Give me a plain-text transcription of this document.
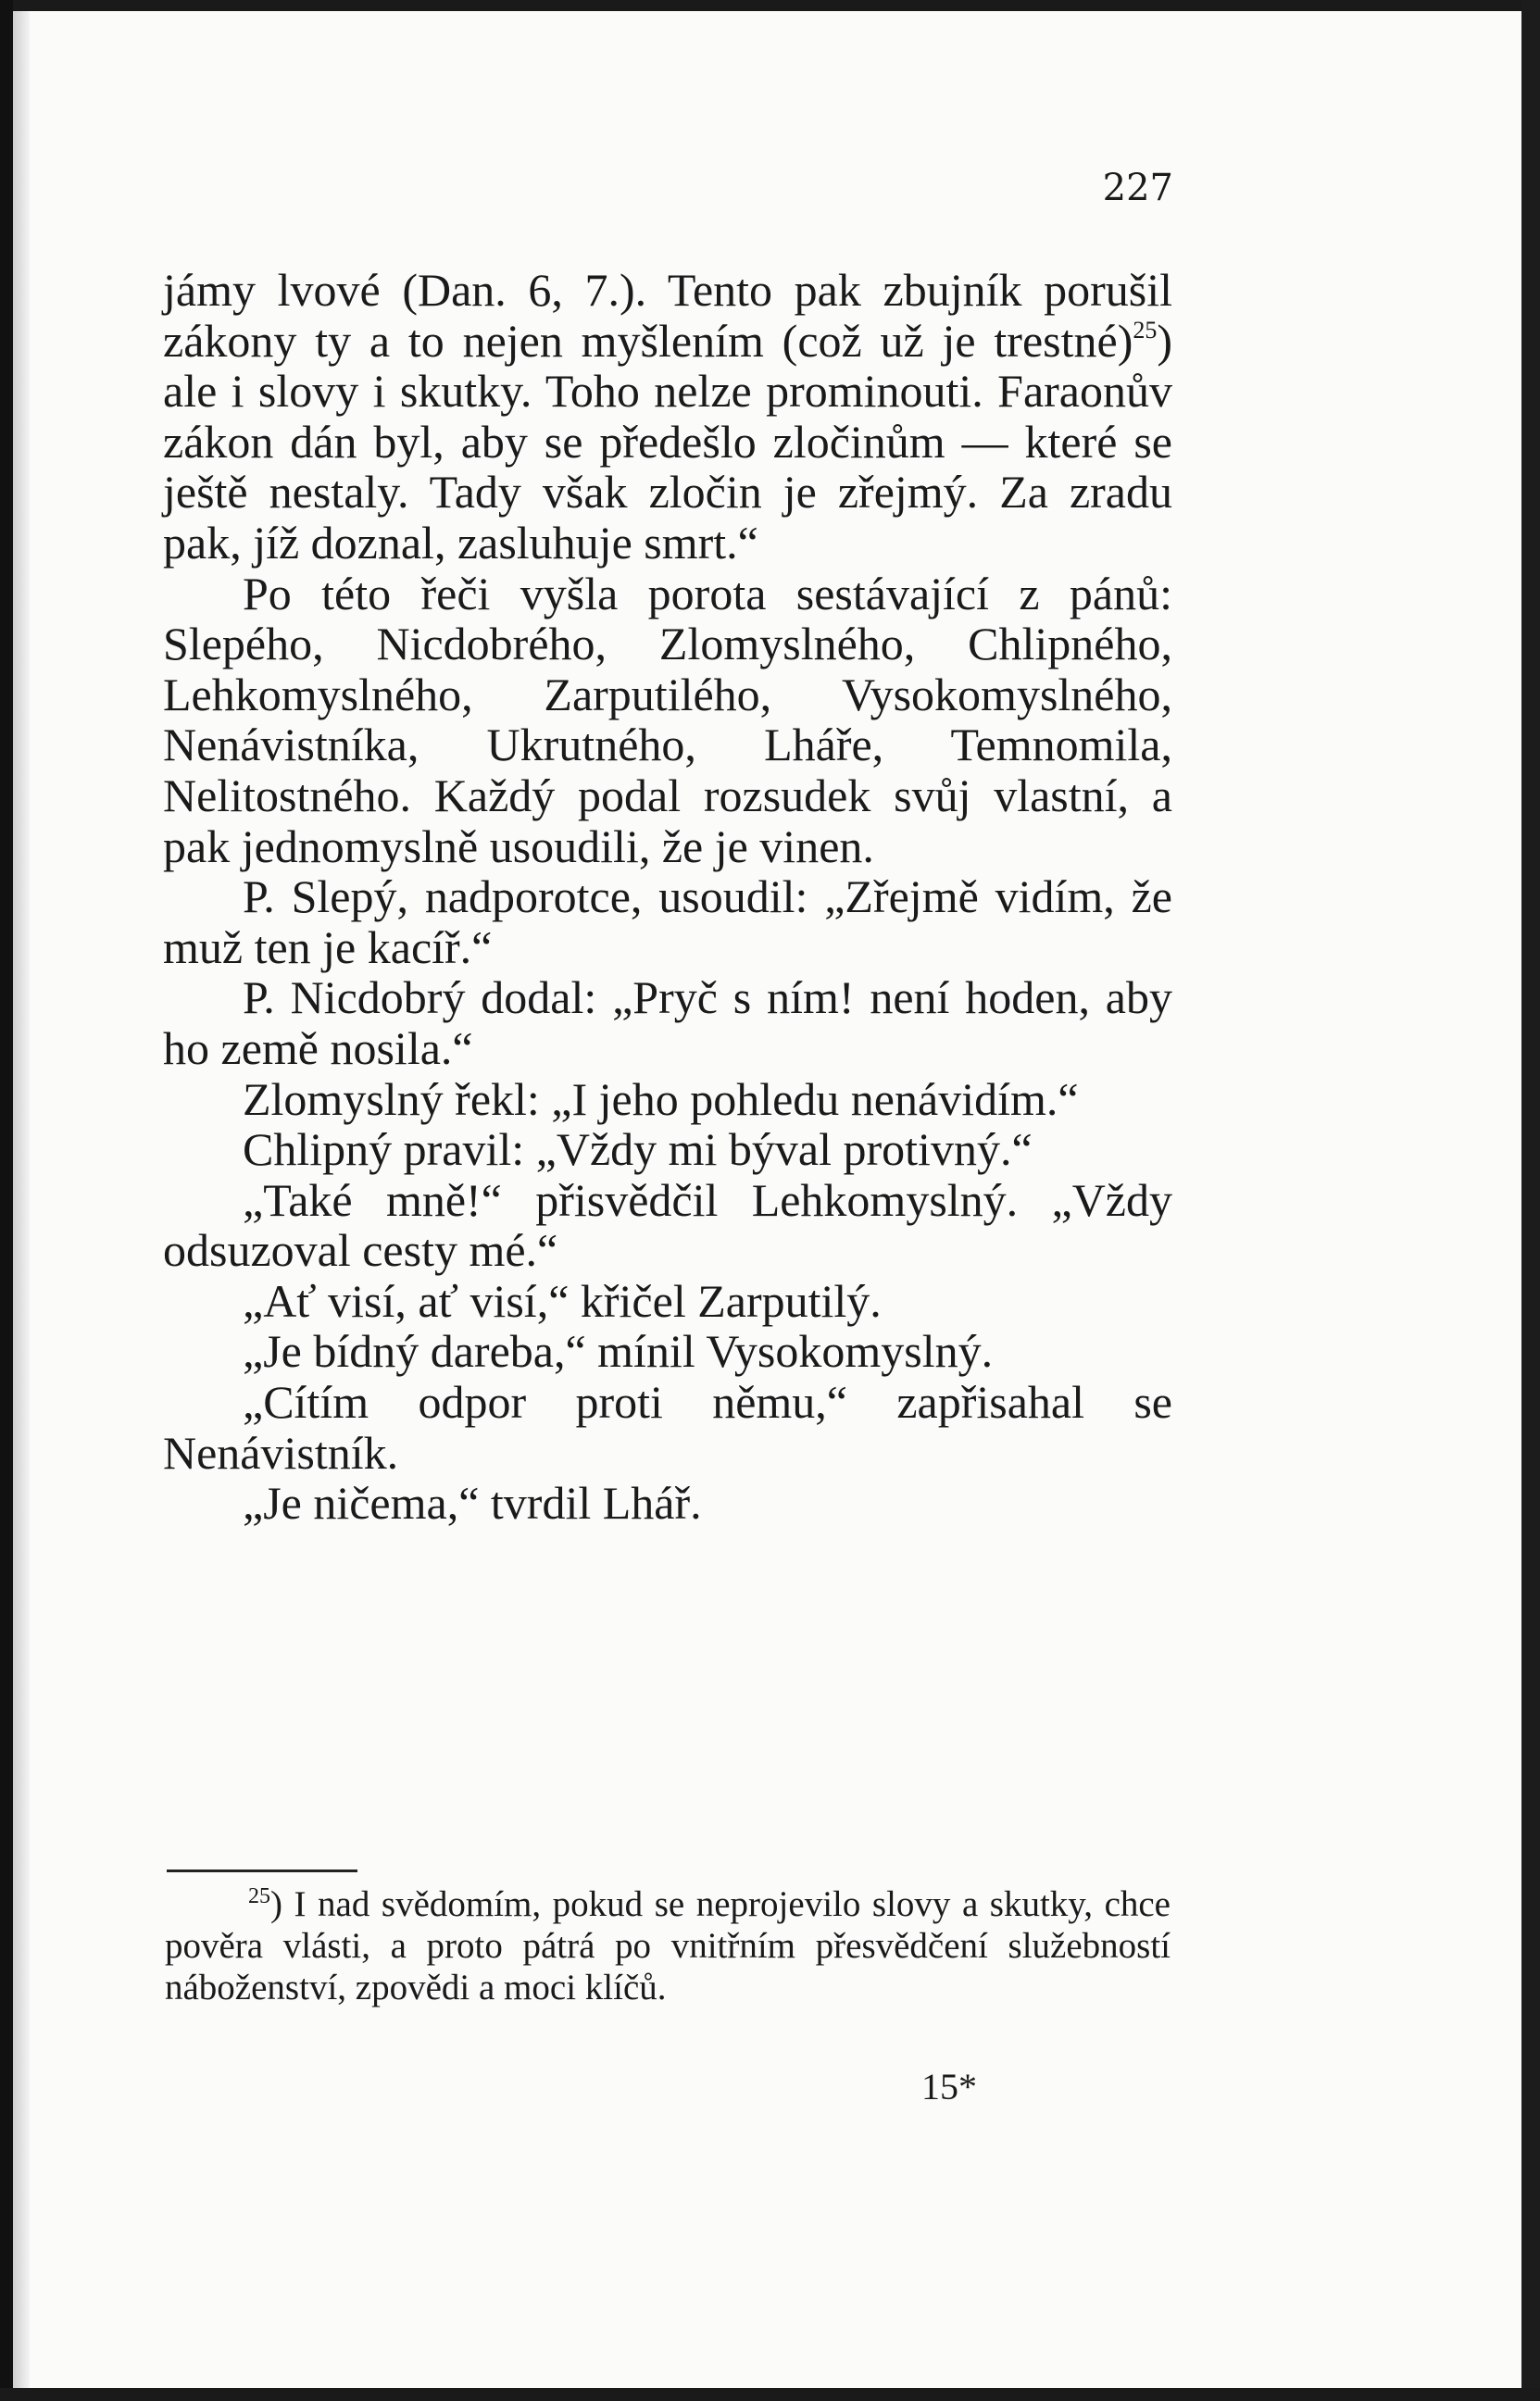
227

jámy lvové (Dan. 6, 7.). Tento pak zbujník porušil zákony ty a to nejen myšlením (což už je trestné)$^{25}$) ale i slovy i skutky. Toho nelze prominouti. Faraonův zákon dán byl, aby se předešlo zločinům — které se ještě nestaly. Tady však zločin je zřejmý. Za zradu pak, jíž doznal, zasluhuje smrt.“

Po této řeči vyšla porota sestávající z pánů: Slepého, Nicdobrého, Zlomyslného, Chlipného, Lehkomyslného, Zarputilého, Vysokomyslného, Nenávistníka, Ukrutného, Lháře, Temnomila, Nelitostného. Každý podal rozsudek svůj vlastní, a pak jednomyslně usoudili, že je vinen.

P. Slepý, nadporotce, usoudil: „Zřejmě vidím, že muž ten je kacíř.“

P. Nicdobrý dodal: „Pryč s ním! není hoden, aby ho země nosila.“

Zlomyslný řekl: „I jeho pohledu nenávidím.“

Chlipný pravil: „Vždy mi býval protivný.“

„Také mně!“ přisvědčil Lehkomyslný. „Vždy odsuzoval cesty mé.“

„Ať visí, ať visí,“ křičel Zarputilý.

„Je bídný dareba,“ mínil Vysokomyslný.

„Cítím odpor proti němu,“ zapřisahal se Nenávistník.

„Je ničema,“ tvrdil Lhář.

$^{25}$) I nad svědomím, pokud se neprojevilo slovy a skutky, chce pověra vlásti, a proto pátrá po vnitřním přesvědčení služebností náboženství, zpovědi a moci klíčů.

15*
